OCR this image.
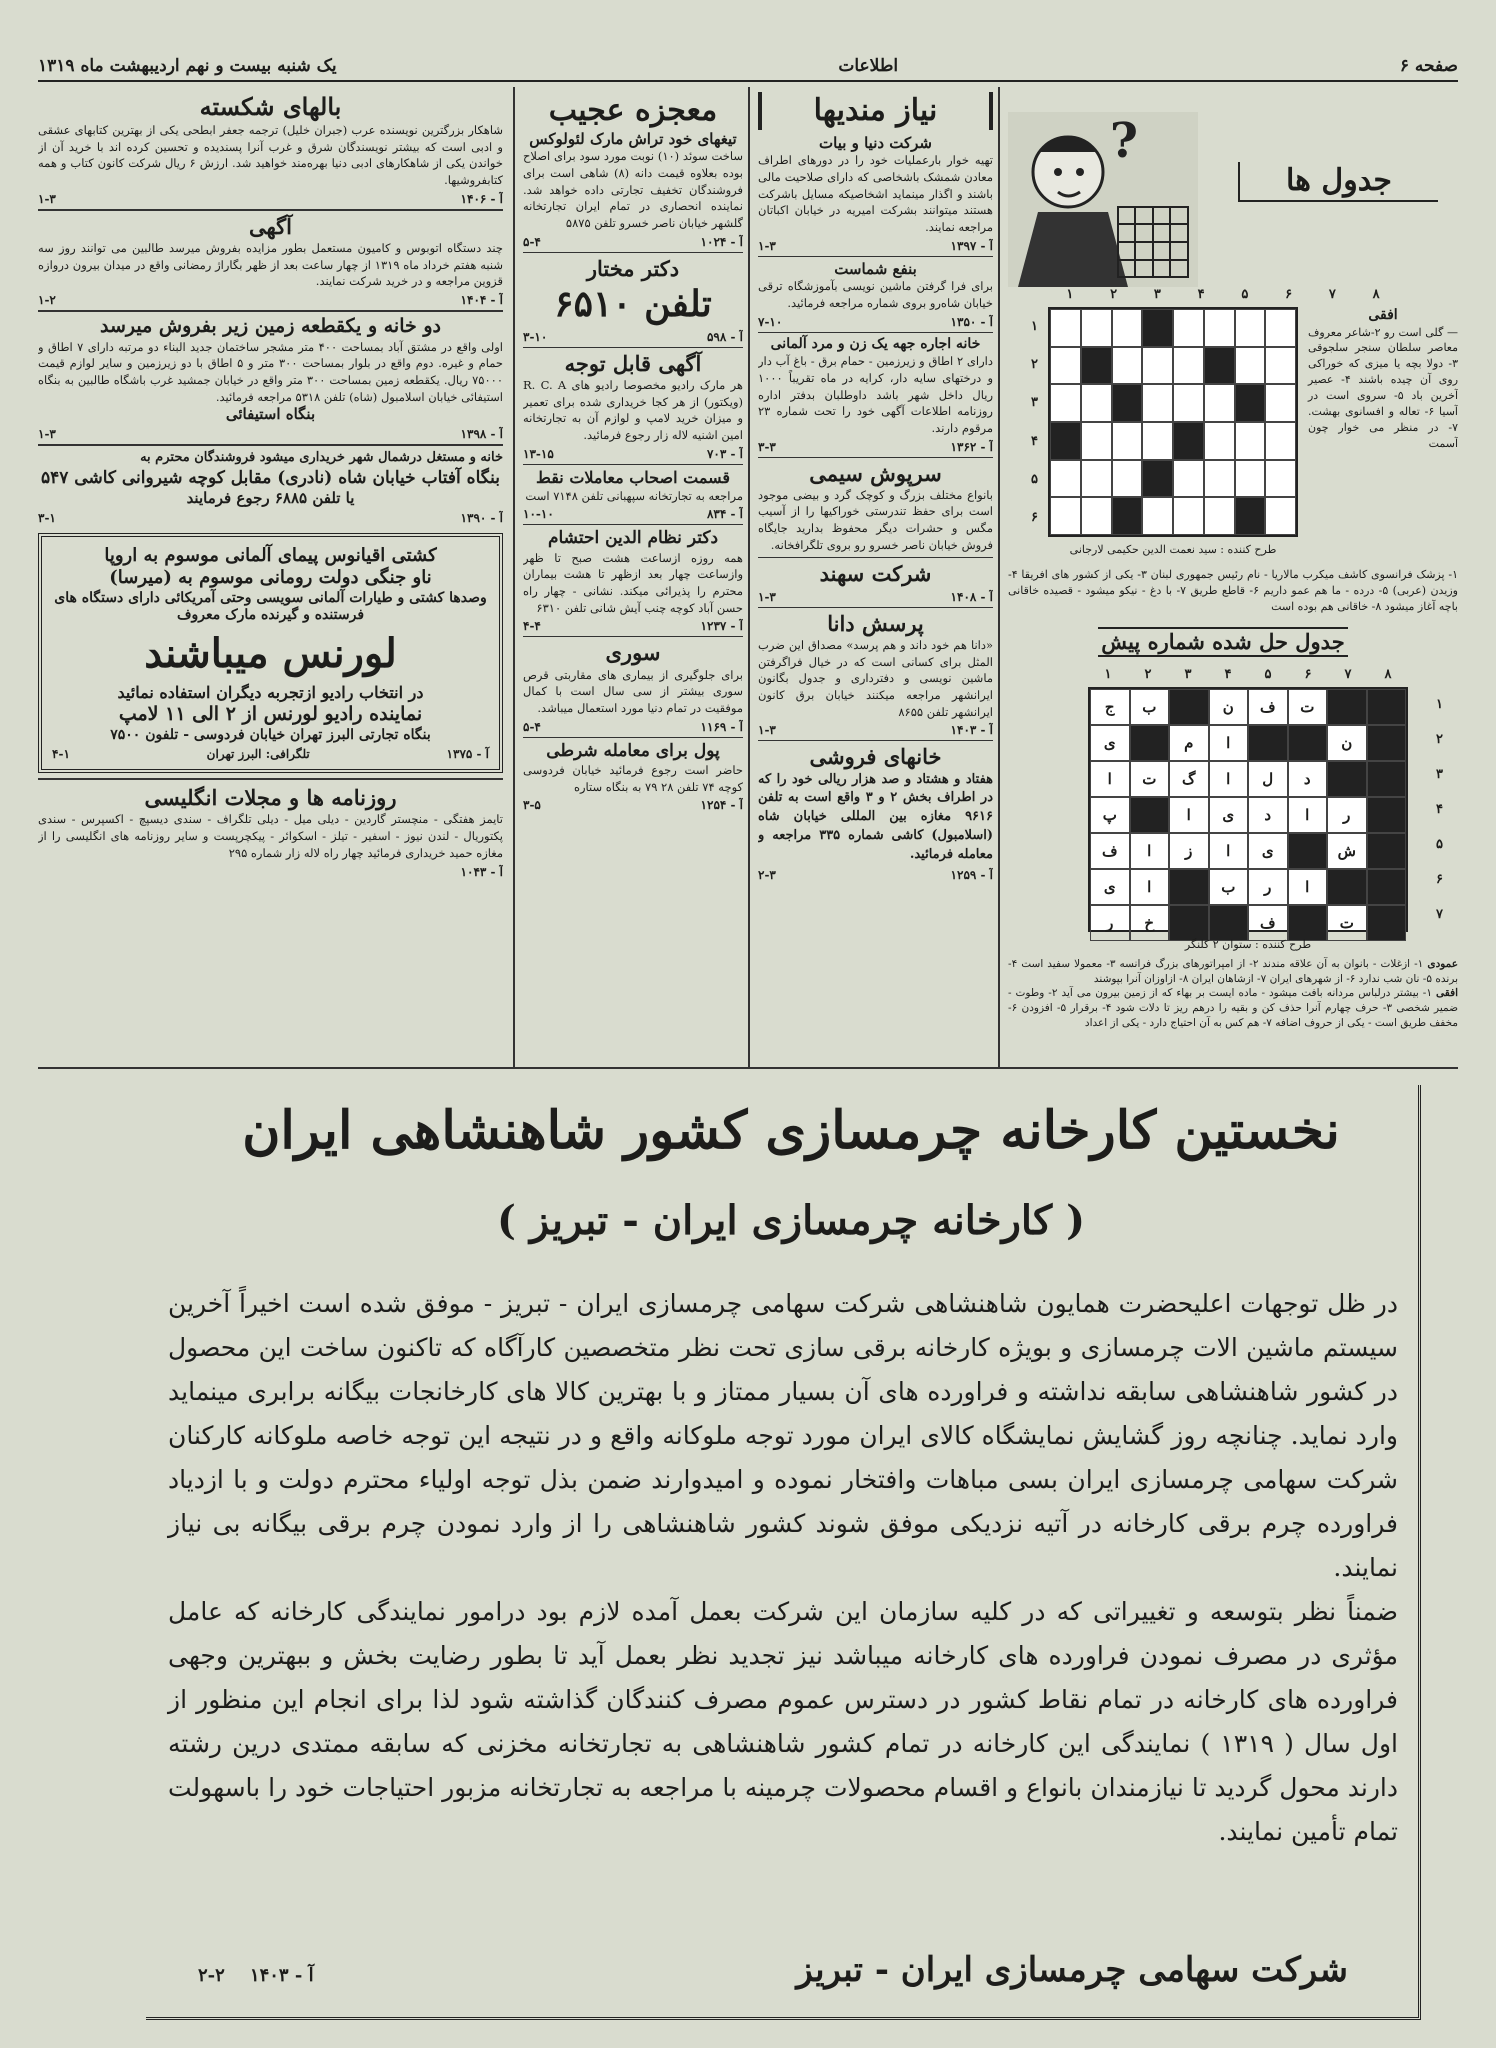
صفحه ۶
اطلاعات
یک شنبه بیست و نهم اردیبهشت ماه ۱۳۱۹
?
جدول ها
۸
۷
۶
۵
۴
۳
۲
۱
۱
۲
۳
۴
۵
۶
طرح کننده : سید نعمت الدین حکیمی لارجانی
افقی
— گلی است رو ۲-شاعر معروف معاصر سلطان سنجر سلجوقی ۳- دولا بچه یا میزی که خوراکی روی آن چیده باشند ۴- عصیر آخرین باد ۵- سروی است در آسیا ۶- تعاله و افسانوی بهشت. ۷- در منظر می خوار چون آسمت
۱- پزشک فرانسوی کاشف میکرب مالاریا - نام رئیس جمهوری لبنان ۳- یکی از کشور های افریقا ۴- وزیدن (عربی) ۵- درده - ما هم عمو داریم ۶- قاطع طریق ۷- با دغ - نیکو میشود - قصیده خاقانی باچه آغاز میشود ۸- خاقانی هم بوده است
جدول حل شده شماره پیش
۸
۷
۶
۵
۴
۳
۲
۱
ت
ف
ن
ب
ج
ن
ا
م
ی
د
ل
ا
گ
ت
ا
ر
ا
د
ی
ا
پ
ش
ی
ا
ز
ا
ف
ا
ر
ب
ا
ی
ت
ف
خ
ر
۱
۲
۳
۴
۵
۶
۷
طرح کننده : ستوان ۲ کلنگر
عمودی ۱- ازغلات - بانوان به آن علاقه مندند ۲- از امپراتورهای بزرگ فرانسه ۳- معمولا سفید است ۴- برنده ۵- نان شب ندارد ۶- از شهرهای ایران ۷- ازشاهان ایران ۸- ازاوزان آنرا بپوشند
افقی ۱- بیشتر درلباس مردانه بافت میشود - ماده ایست بر بهاء که از زمین بیرون می آید ۲- وطوت - ضمیر شخصی ۳- حرف چهارم آنرا حذف کن و بقیه را درهم ریز تا دلات شود ۴- برقرار ۵- افزودن ۶- مخفف طریق است - یکی از حروف اضافه ۷- هم کس به آن احتیاج دارد - یکی از اعداد
نیاز مندیها
شرکت دنیا و بیات
تهیه خوار بارعملیات خود را در دورهای اطراف معادن شمشک باشخاصی که دارای صلاحیت مالی باشند و اگذار مینماید اشخاصیکه مسایل باشرکت هستند میتوانند بشرکت امیریه در خیابان اکباتان مراجعه نمایند.
آ - ۱۳۹۷
۱-۳
بنفع شماست
برای فرا گرفتن ماشین نویسی بآموزشگاه ترقی خیابان شاه‌رو بروی شماره مراجعه فرمائید.
آ - ۱۳۵۰
۷-۱۰
خانه اجاره جهه یک زن و مرد آلمانی
دارای ۲ اطاق و زیرزمین - حمام برق - باغ آب دار و درختهای سایه دار، کرایه در ماه تقریباً ۱۰۰۰ ریال داخل شهر باشد داوطلبان بدفتر اداره روزنامه اطلاعات آگهی خود را تحت شماره ۲۳ مرقوم دارند.
آ - ۱۳۶۲
۳-۳
سرپوش سیمی
بانواع مختلف بزرگ و کوچک گرد و بیضی موجود است برای حفظ تندرستی خوراکیها را از آسیب مگس و حشرات دیگر محفوظ بدارید جایگاه فروش خیابان ناصر خسرو رو بروی تلگرافخانه.
شرکت سهند
آ - ۱۴۰۸
۱-۳
پرسش دانا
«دانا هم خود داند و هم پرسد» مصداق این ضرب المثل برای کسانی است که در خیال فراگرفتن ماشین نویسی و دفترداری و جدول بگانون ایرانشهر مراجعه میکنند خیابان برق کانون ایرانشهر تلفن ۸۶۵۵
آ - ۱۴۰۳
۱-۳
خانهای فروشی
هفتاد و هشتاد و صد هزار ریالی خود را که در اطراف بخش ۲ و ۳ واقع است به تلفن ۹۶۱۶ مغازه بین المللی خیابان شاه (اسلامبول) کاشی شماره ۳۳۵ مراجعه و معامله فرمائید.
آ - ۱۲۵۹
۲-۳
معجزه عجیب
تیغهای خود تراش مارک لئولوکس
ساخت سوئد (۱۰) نوبت مورد سود برای اصلاح بوده بعلاوه قیمت دانه (۸) شاهی است برای فروشندگان تخفیف تجارتی داده خواهد شد. نماینده انحصاری در تمام ایران تجارتخانه گلشهر خیابان ناصر خسرو تلفن ۵۸۷۵
آ - ۱۰۲۴
۵-۴
دکتر مختار
تلفن ۶۵۱۰
آ - ۵۹۸
۳-۱۰
آگهی قابل توجه
هر مارک رادیو مخصوصا رادیو های R. C. A (ویکتور) از هر کجا خریداری شده برای تعمیر و میزان خرید لامپ و لوازم آن به تجارتخانه امین اشنیه لاله زار رجوع فرمائید.
آ - ۷۰۳
۱۳-۱۵
قسمت اصحاب معاملات نقط
مراجعه به تجارتخانه سپهبانی تلفن ۷۱۴۸ است
آ - ۸۳۴
۱۰-۱۰
دکتر نظام الدین احتشام
همه روزه ازساعت هشت صبح تا ظهر وازساعت چهار بعد ازظهر تا هشت بیماران محترم را پذیرائی میکند. نشانی - چهار راه حسن آباد کوچه چنب آیش شانی تلفن ۶۳۱۰
آ - ۱۲۳۷
۴-۴
سوری
برای جلوگیری از بیماری های مقاربتی قرص سوری بیشتر از سی سال است با کمال موفقیت در تمام دنیا مورد استعمال میباشد.
آ - ۱۱۶۹
۵-۴
پول برای معامله شرطی
حاضر است رجوع فرمائید خیابان فردوسی کوچه ۷۴ تلفن ۲۸ ۷۹ به بنگاه ستاره
آ - ۱۲۵۴
۳-۵
بالهای شکسته
شاهکار بزرگترین نویسنده عرب (جبران خلیل) ترجمه جعفر ابطحی یکی از بهترین کتابهای عشقی و ادبی است که بیشتر نویسندگان شرق و غرب آنرا پسندیده و تحسین کرده اند با خرید آن از خواندن یکی از شاهکارهای ادبی دنیا بهره‌مند خواهید شد. ارزش ۶ ریال شرکت کانون کتاب و همه کتابفروشیها.
آ - ۱۴۰۶
۱-۳
آگهی
چند دستگاه اتوبوس و کامیون مستعمل بطور مزایده بفروش میرسد طالبین می توانند روز سه شنبه هفتم خرداد ماه ۱۳۱۹ از چهار ساعت بعد از ظهر بگاراژ رمضانی واقع در میدان بیرون دروازه قزوین مراجعه و در خرید شرکت نمایند.
آ - ۱۴۰۴
۱-۲
دو خانه و یکقطعه زمین زیر بفروش میرسد
اولی واقع در مشتق آباد بمساحت ۴۰۰ متر مشجر ساختمان جدید البناء دو مرتبه دارای ۷ اطاق و حمام و غیره. دوم واقع در بلوار بمساحت ۳۰۰ متر و ۵ اطاق با دو زیرزمین و سایر لوازم قیمت ۷۵۰۰۰ ریال. یکقطعه زمین بمساحت ۳۰۰ متر واقع در خیابان جمشید غرب باشگاه طالبین به بنگاه استیفائی خیابان اسلامبول (شاه) تلفن ۵۳۱۸ مراجعه فرمائید.
بنگاه استیفائی
آ - ۱۳۹۸
۱-۳
خانه و مستغل درشمال شهر خریداری میشود فروشندگان محترم به
بنگاه آفتاب خیابان شاه (نادری) مقابل کوچه شیروانی کاشی ۵۴۷
یا تلفن ۶۸۸۵ رجوع فرمایند
آ - ۱۳۹۰
۳-۱
کشتی اقیانوس پیمای آلمانی موسوم به اروپا
ناو جنگی دولت رومانی موسوم به (میرسا)
وصدها کشتی و طیارات آلمانی سویسی وحتی آمریکائی دارای دستگاه های فرستنده و گیرنده مارک معروف
لورنس میباشند
در انتخاب رادیو ازتجربه دیگران استفاده نمائید
نماینده رادیو لورنس از ۲ الی ۱۱ لامپ
بنگاه تجارتی البرز تهران خیابان فردوسی - تلفون ۷۵۰۰
آ - ۱۳۷۵
تلگرافی: البرز تهران
۴-۱
روزنامه ها و مجلات انگلیسی
تایمز هفتگی - منچستر گاردین - دیلی میل - دیلی تلگراف - سندی دیسپچ - اکسپرس - سندی پکتوریال - لندن نیوز - اسفیر - تیلز - اسکوائر - پیکچرپست و سایر روزنامه های انگلیسی را از مغازه حمید خریداری فرمائید چهار راه لاله زار شماره ۲۹۵
آ - ۱۰۴۳
نخستین کارخانه چرمسازی کشور شاهنشاهی ایران
( کارخانه چرمسازی ایران - تبریز )

در ظل توجهات اعلیحضرت همایون شاهنشاهی شرکت سهامی چرمسازی ایران - تبریز - موفق شده است اخیراً آخرین سیستم ماشین الات چرمسازی و بویژه کارخانه برقی سازی تحت نظر متخصصین کارآگاه که تاکنون ساخت این محصول در کشور شاهنشاهی سابقه نداشته و فراورده های آن بسیار ممتاز و با بهترین کالا های کارخانجات بیگانه برابری مینماید وارد نماید. چنانچه روز گشایش نمایشگاه کالای ایران مورد توجه ملوکانه واقع و در نتیجه این توجه خاصه ملوکانه کارکنان شرکت سهامی چرمسازی ایران بسی مباهات وافتخار نموده و امیدوارند ضمن بذل توجه اولیاء محترم دولت و با ازدیاد فراورده چرم برقی کارخانه در آتیه نزدیکی موفق شوند کشور شاهنشاهی را از وارد نمودن چرم برقی بیگانه بی نیاز نمایند.

ضمناً نظر بتوسعه و تغییراتی که در کلیه سازمان این شرکت بعمل آمده لازم بود درامور نمایندگی کارخانه که عامل مؤثری در مصرف نمودن فراورده های کارخانه میباشد نیز تجدید نظر بعمل آید تا بطور رضایت بخش و ببهترین وجهی فراورده های کارخانه در تمام نقاط کشور در دسترس عموم مصرف کنندگان گذاشته شود لذا برای انجام این منظور از اول سال ( ۱۳۱۹ ) نمایندگی این کارخانه در تمام کشور شاهنشاهی به تجارتخانه مخزنی که سابقه ممتدی درین رشته دارند محول گردید تا نیازمندان بانواع و اقسام محصولات چرمینه با مراجعه به تجارتخانه مزبور احتیاجات خود را باسهولت تمام تأمین نمایند.

شرکت سهامی چرمسازی ایران - تبریز
آ - ۱۴۰۳    ۲-۲
